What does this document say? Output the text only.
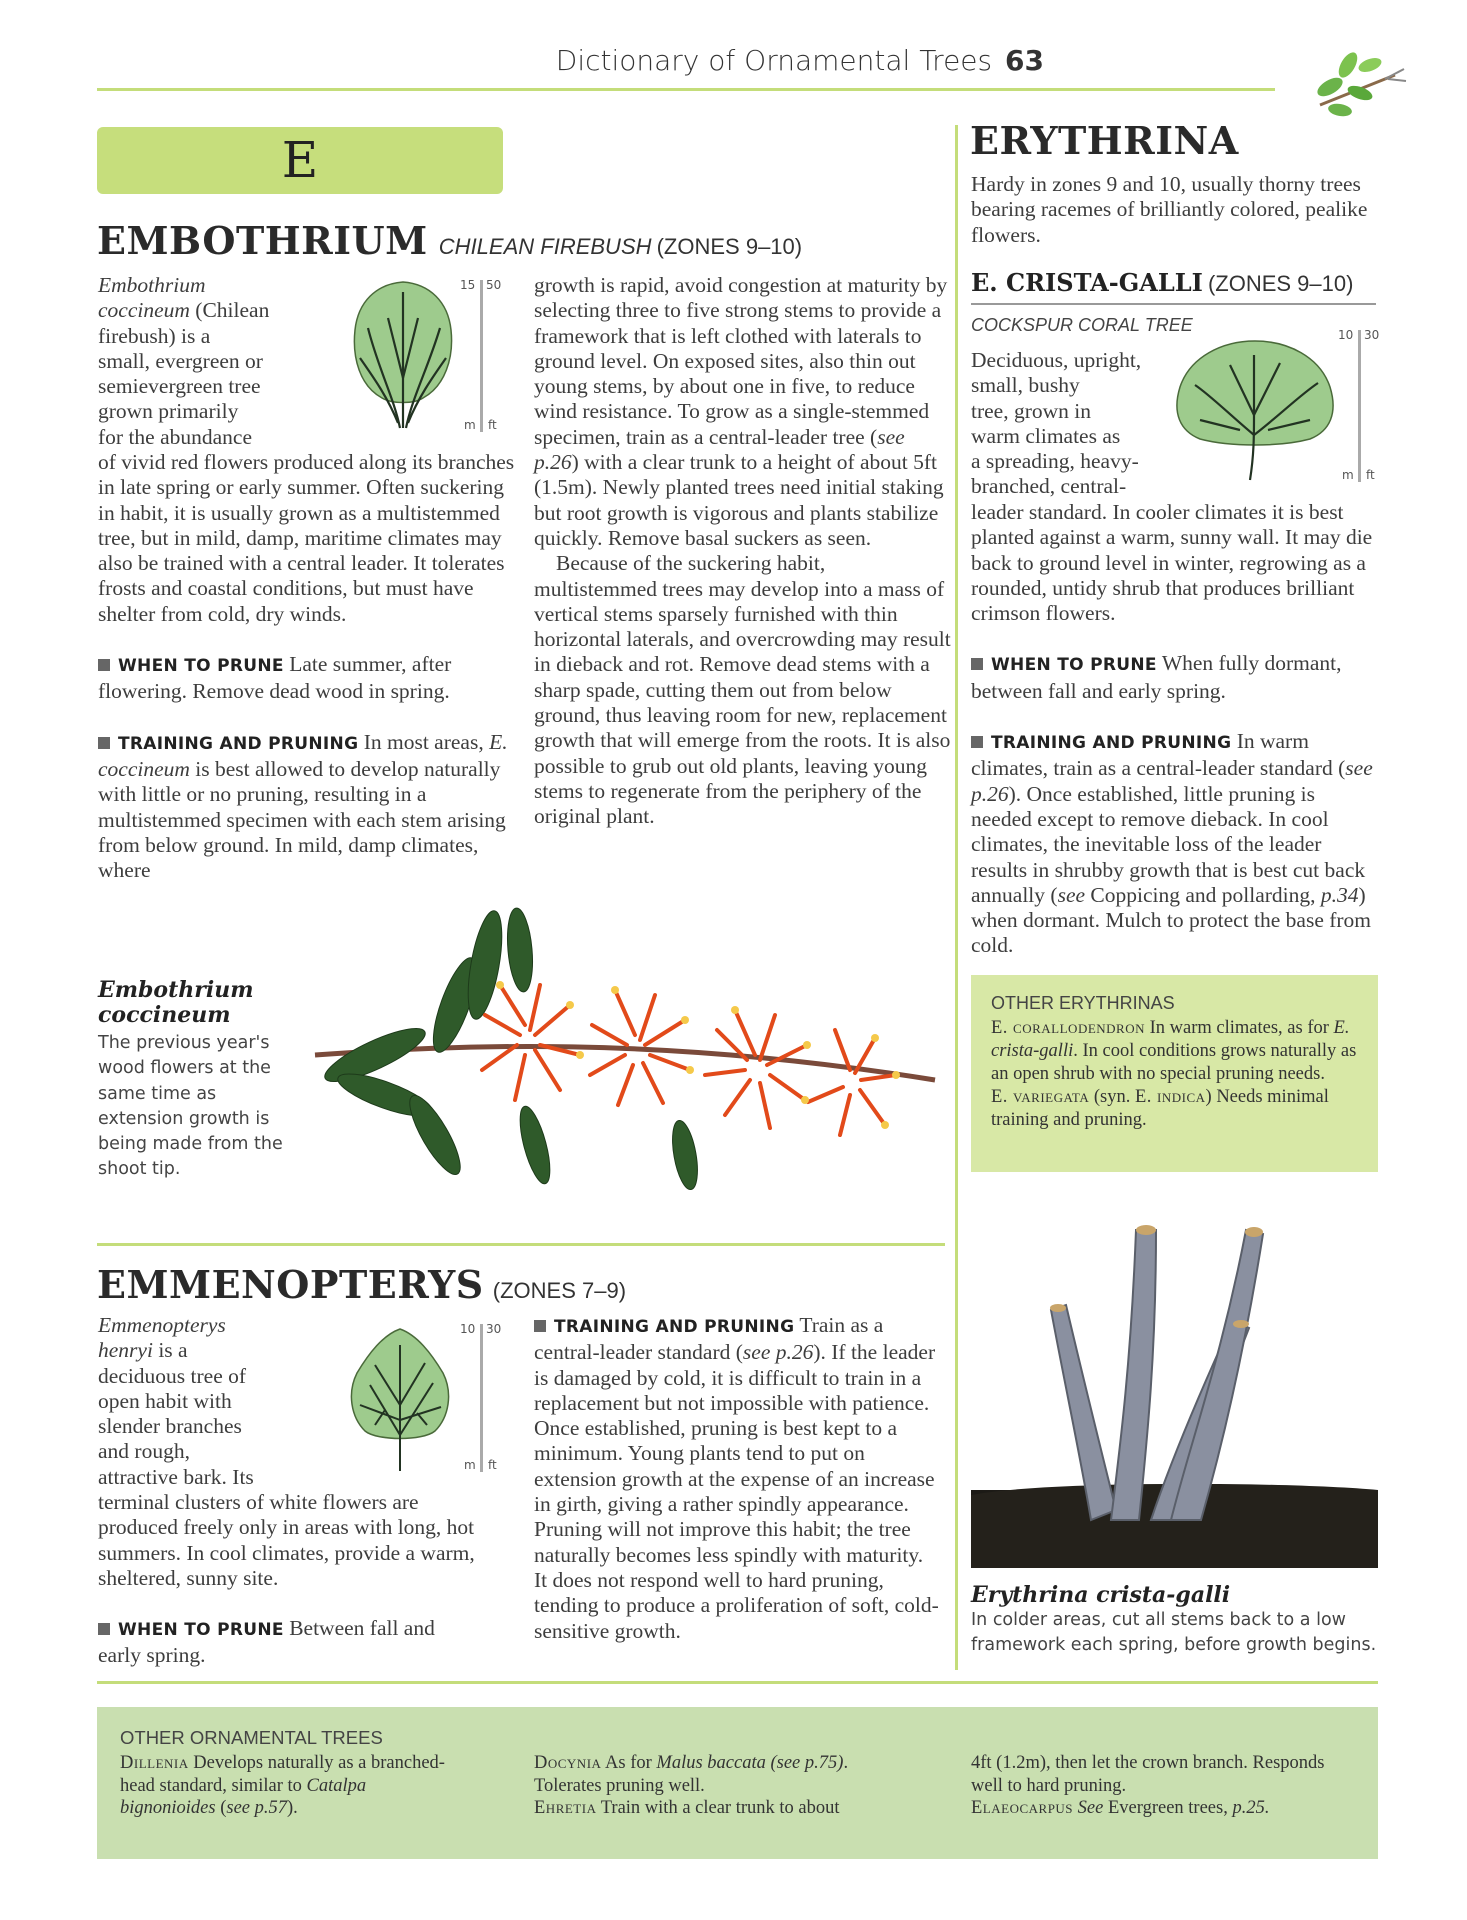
Dictionary of Ornamental Trees 63
E
EMBOTHRIUM CHILEAN FIREBUSH (ZONES 9–10)
Embothrium
coccineum (Chilean
firebush) is a
small, evergreen or
semievergreen tree
grown primarily
for the abundance
15 50
m ft

of vivid red flowers produced along its branches in late spring or early summer. Often suckering in habit, it is usually grown as a multistemmed tree, but in mild, damp, maritime climates may also be trained with a central leader. It tolerates frosts and coastal conditions, but must have shelter from cold, dry winds.

WHEN TO PRUNE Late summer, after flowering. Remove dead wood in spring.

TRAINING AND PRUNING In most areas, E. coccineum is best allowed to develop naturally with little or no pruning, resulting in a multistemmed specimen with each stem arising from below ground. In mild, damp climates, where

growth is rapid, avoid congestion at maturity by selecting three to five strong stems to provide a framework that is left clothed with laterals to ground level. On exposed sites, also thin out young stems, by about one in five, to reduce wind resistance. To grow as a single-stemmed specimen, train as a central-leader tree (see p.26) with a clear trunk to a height of about 5ft (1.5m). Newly planted trees need initial staking but root growth is vigorous and plants stabilize quickly. Remove basal suckers as seen.

Because of the suckering habit, multistemmed trees may develop into a mass of vertical stems sparsely furnished with thin horizontal laterals, and overcrowding may result in dieback and rot. Remove dead stems with a sharp spade, cutting them out from below ground, thus leaving room for new, replacement growth that will emerge from the roots. It is also possible to grub out old plants, leaving young stems to regenerate from the periphery of the original plant.

Embothrium coccineum
The previous year's wood flowers at the same time as extension growth is being made from the shoot tip.
EMMENOPTERYS (ZONES 7–9)
Emmenopterys
henryi is a
deciduous tree of
open habit with
slender branches
and rough,
attractive bark. Its
10 30
m ft

terminal clusters of white flowers are produced freely only in areas with long, hot summers. In cool climates, provide a warm, sheltered, sunny site.

WHEN TO PRUNE Between fall and early spring.

TRAINING AND PRUNING Train as a central-leader standard (see p.26). If the leader is damaged by cold, it is difficult to train in a replacement but not impossible with patience. Once established, pruning is best kept to a minimum. Young plants tend to put on extension growth at the expense of an increase in girth, giving a rather spindly appearance. Pruning will not improve this habit; the tree naturally becomes less spindly with maturity. It does not respond well to hard pruning, tending to produce a proliferation of soft, cold-sensitive growth.

ERYTHRINA
Hardy in zones 9 and 10, usually thorny trees bearing racemes of brilliantly colored, pealike flowers.
E. CRISTA-GALLI (ZONES 9–10)
COCKSPUR CORAL TREE
Deciduous, upright,
small, bushy
tree, grown in
warm climates as
a spreading, heavy-
branched, central-
10 30
m ft

leader standard. In cooler climates it is best planted against a warm, sunny wall. It may die back to ground level in winter, regrowing as a rounded, untidy shrub that produces brilliant crimson flowers.

WHEN TO PRUNE When fully dormant, between fall and early spring.

TRAINING AND PRUNING In warm climates, train as a central-leader standard (see p.26). Once established, little pruning is needed except to remove dieback. In cool climates, the inevitable loss of the leader results in shrubby growth that is best cut back annually (see Coppicing and pollarding, p.34) when dormant. Mulch to protect the base from cold.

OTHER ERYTHRINAS
E. corallodendron In warm climates, as for E. crista-galli. In cool conditions grows naturally as an open shrub with no special pruning needs.
E. variegata (syn. E. indica) Needs minimal training and pruning.
Erythrina crista-galli
In colder areas, cut all stems back to a low framework each spring, before growth begins.
OTHER ORNAMENTAL TREES
Dillenia Develops naturally as a branched-head standard, similar to Catalpa bignonioides (see p.57).
Docynia As for Malus baccata (see p.75). Tolerates pruning well.
Ehretia Train with a clear trunk to about
4ft (1.2m), then let the crown branch. Responds well to hard pruning.
Elaeocarpus See Evergreen trees, p.25.
